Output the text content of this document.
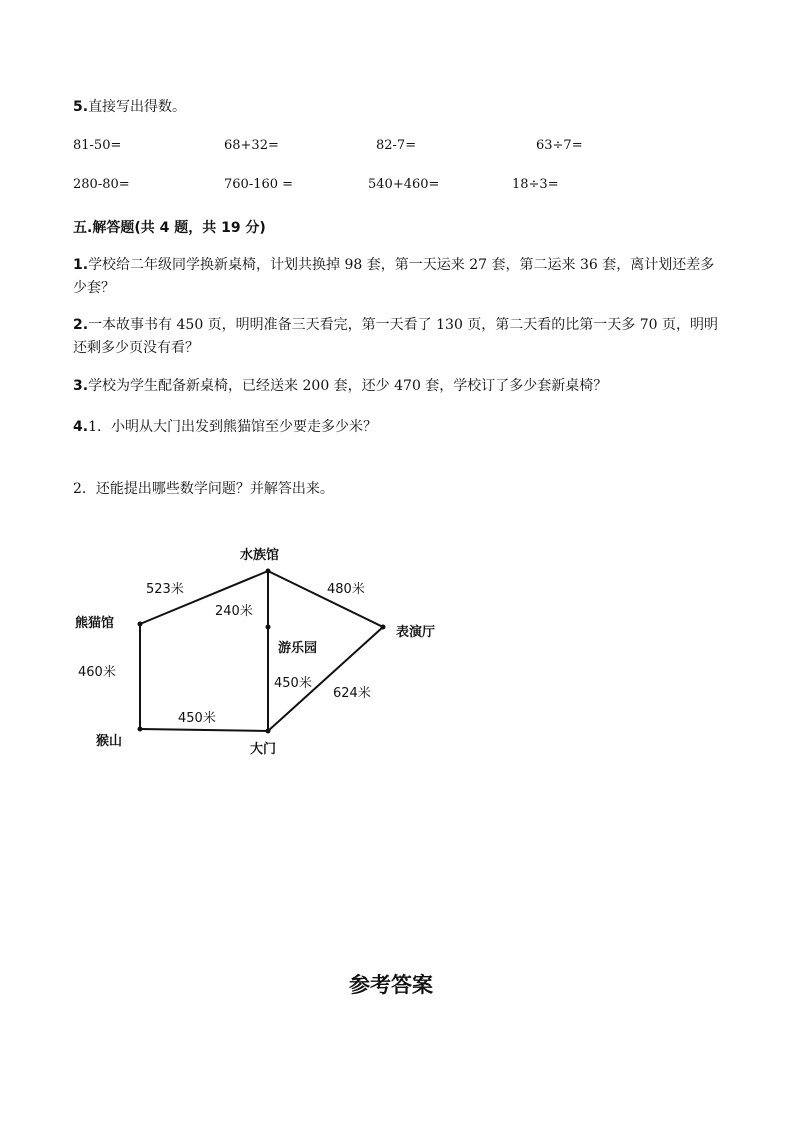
5.直接写出得数。
81-50=	68+32=	82-7=	63÷7=
280-80=	760-160 =	540+460=	18÷3=
五.解答题(共 4 题，共 19 分)
1.学校给二年级同学换新桌椅，计划共换掉 98 套，第一天运来 27 套，第二运来 36 套，离计划还差多少套？
2.一本故事书有 450 页，明明准备三天看完，第一天看了 130 页，第二天看的比第一天多 70 页，明明还剩多少页没有看？
3.学校为学生配备新桌椅，已经送来 200 套，还少 470 套，学校订了多少套新桌椅？
4.1．小明从大门出发到熊猫馆至少要走多少米？
2．还能提出哪些数学问题？并解答出来。
水族馆
熊猫馆
表演厅
游乐园
猴山
大门
523米	480米
240米
460米
450米
624米
450米
参考答案
